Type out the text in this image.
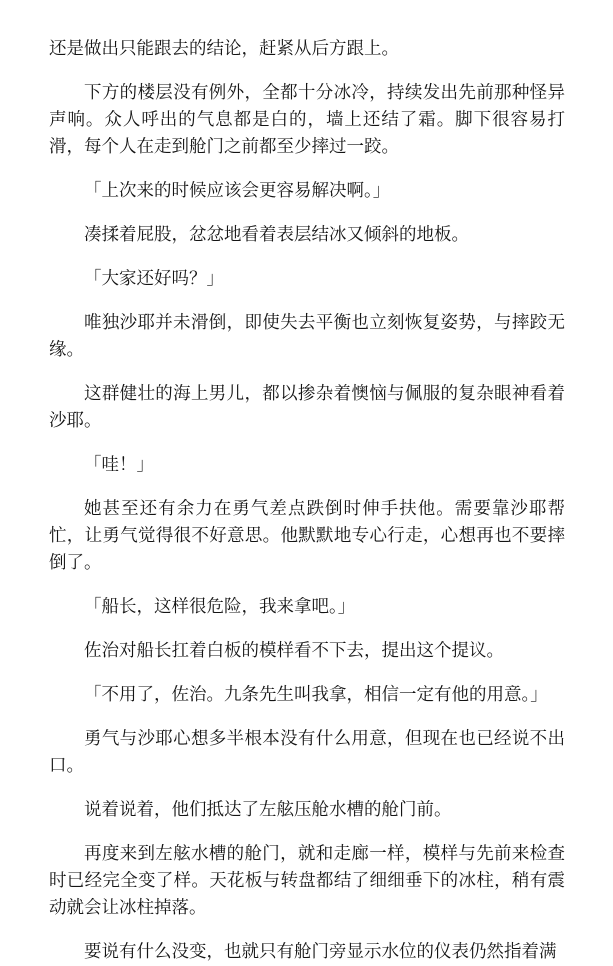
还是做出只能跟去的结论，赶紧从后方跟上。

下方的楼层没有例外，全都十分冰冷，持续发出先前那种怪异声响。众人呼出的气息都是白的，墙上还结了霜。脚下很容易打滑，每个人在走到舱门之前都至少摔过一跤。

「上次来的时候应该会更容易解决啊。」

凑揉着屁股，忿忿地看着表层结冰又倾斜的地板。

「大家还好吗？」

唯独沙耶并未滑倒，即使失去平衡也立刻恢复姿势，与摔跤无缘。

这群健壮的海上男儿，都以掺杂着懊恼与佩服的复杂眼神看着沙耶。

「哇！」

她甚至还有余力在勇气差点跌倒时伸手扶他。需要靠沙耶帮忙，让勇气觉得很不好意思。他默默地专心行走，心想再也不要摔倒了。

「船长，这样很危险，我来拿吧。」

佐治对船长扛着白板的模样看不下去，提出这个提议。

「不用了，佐治。九条先生叫我拿，相信一定有他的用意。」

勇气与沙耶心想多半根本没有什么用意，但现在也已经说不出口。

说着说着，他们抵达了左舷压舱水槽的舱门前。

再度来到左舷水槽的舱门，就和走廊一样，模样与先前来检查时已经完全变了样。天花板与转盘都结了细细垂下的冰柱，稍有震动就会让冰柱掉落。

要说有什么没变，也就只有舱门旁显示水位的仪表仍然指着满
